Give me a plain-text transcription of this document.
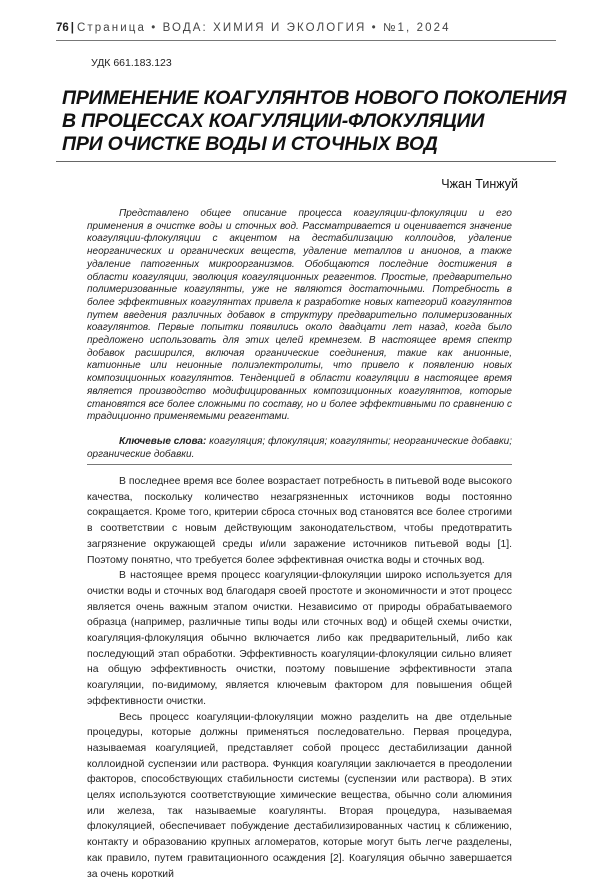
76 | Страница • ВОДА: ХИМИЯ И ЭКОЛОГИЯ • №1, 2024
УДК 661.183.123
ПРИМЕНЕНИЕ КОАГУЛЯНТОВ НОВОГО ПОКОЛЕНИЯ
В ПРОЦЕССАХ КОАГУЛЯЦИИ-ФЛОКУЛЯЦИИ
ПРИ ОЧИСТКЕ ВОДЫ И СТОЧНЫХ ВОД
Чжан Тинжуй

Представлено общее описание процесса коагуляции-флокуляции и его применения в очистке воды и сточных вод. Рассматривается и оценивается значение коагуляции-флокуляции с акцентом на дестабилизацию коллоидов, удаление неорганических и органических веществ, удаление металлов и анионов, а также удаление патогенных микроорганизмов. Обобщаются последние достижения в области коагуляции, эволюция коагуляционных реагентов. Простые, предварительно полимеризованные коагулянты, уже не являются достаточными. Потребность в более эффективных коагулянтах привела к разработке новых категорий коагулянтов путем введения различных добавок в структуру предварительно полимеризованных коагулянтов. Первые попытки появились около двадцати лет назад, когда было предложено использовать для этих целей кремнезем. В настоящее время спектр добавок расширился, включая органические соединения, такие как анионные, катионные или неионные полиэлектролиты, что привело к появлению новых композиционных коагулянтов. Тенденцией в области коагуляции в настоящее время является производство модифицированных композиционных коагулянтов, которые становятся все более сложными по составу, но и более эффективными по сравнению с традиционно применяемыми реагентами.

Ключевые слова: коагуляция; флокуляция; коагулянты; неорганические добавки; органические добавки.

В последнее время все более возрастает потребность в питьевой воде высокого качества, поскольку количество незагрязненных источников воды постоянно сокращается. Кроме того, критерии сброса сточных вод становятся все более строгими в соответствии с новым действующим законодательством, чтобы предотвратить загрязнение окружающей среды и/или заражение источников питьевой воды [1]. Поэтому понятно, что требуется более эффективная очистка воды и сточных вод.

В настоящее время процесс коагуляции-флокуляции широко используется для очистки воды и сточных вод благодаря своей простоте и экономичности и этот процесс является очень важным этапом очистки. Независимо от природы обрабатываемого образца (например, различные типы воды или сточных вод) и общей схемы очистки, коагуляция-флокуляция обычно включается либо как предварительный, либо как последующий этап обработки. Эффективность коагуляции-флокуляции сильно влияет на общую эффективность очистки, поэтому повышение эффективности этапа коагуляции, по-видимому, является ключевым фактором для повышения общей эффективности очистки.

Весь процесс коагуляции-флокуляции можно разделить на две отдельные процедуры, которые должны применяться последовательно. Первая процедура, называемая коагуляцией, представляет собой процесс дестабилизации данной коллоидной суспензии или раствора. Функция коагуляции заключается в преодолении факторов, способствующих стабильности системы (суспензии или раствора). В этих целях используются соответствующие химические вещества, обычно соли алюминия или железа, так называемые коагулянты. Вторая процедура, называемая флокуляцией, обеспечивает побуждение дестабилизированных частиц к сближению, контакту и образованию крупных агломератов, которые могут быть легче разделены, как правило, путем гравитационного осаждения [2]. Коагуляция обычно завершается за очень короткий
